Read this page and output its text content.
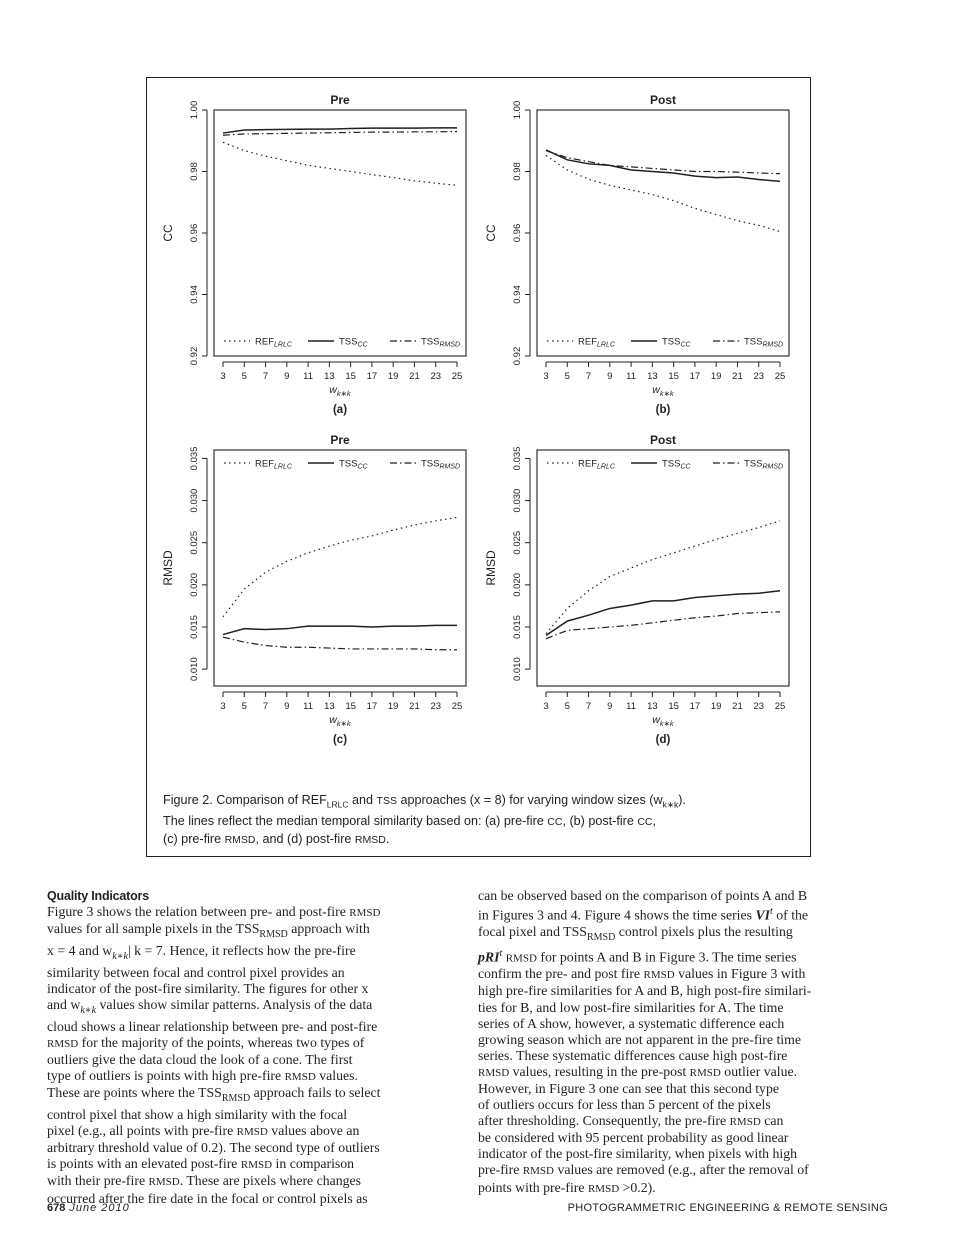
Pre
3 5 7 9 11 13 15 17 19 21 23 25
$w_{k∗k}$
(a)
0.92
0.94
0.96
0.98
1.00
CC
$REF_{LRLC}$	$TSS_{CC}$	$TSS_{RMSD}$
Post
3 5 7 9 11 13 15 17 19 21 23 25
$w_{k∗k}$
(b)
0.92
0.94
0.96
0.98
1.00
CC
$REF_{LRLC}$	$TSS_{CC}$	$TSS_{RMSD}$
Pre
3 5 7 9 11 13 15 17 19 21 23 25
$w_{k∗k}$
(c)
0.010
0.015
0.020
0.025
0.030
0.035
RMSD
$REF_{LRLC}$	$TSS_{CC}$	$TSS_{RMSD}$
Post
3 5 7 9 11 13 15 17 19 21 23 25
$w_{k∗k}$
(d)
0.010
0.015
0.020
0.025
0.030
0.035
RMSD
$REF_{LRLC}$	$TSS_{CC}$	$TSS_{RMSD}$
Figure 2. Comparison of $REF_{LRLC}$ and TSS approaches (x = 8) for varying window sizes $(w_{k∗k})$.
The lines reflect the median temporal similarity based on: (a) pre-fire CC, (b) post-fire CC,
(c) pre-fire RMSD, and (d) post-fire RMSD.
Quality Indicators
Figure 3 shows the relation between pre- and post-fire RMSD
values for all sample pixels in the $TSS_{RMSD}$ approach with
x = 4 and $w_{k∗k}|$ k = 7. Hence, it reflects how the pre-fire
similarity between focal and control pixel provides an
indicator of the post-fire similarity. The figures for other x
and $w_{k∗k}$ values show similar patterns. Analysis of the data
cloud shows a linear relationship between pre- and post-fire
RMSD for the majority of the points, whereas two types of
outliers give the data cloud the look of a cone. The first
type of outliers is points with high pre-fire RMSD values.
These are points where the $TSS_{RMSD}$ approach fails to select
control pixel that show a high similarity with the focal
pixel (e.g., all points with pre-fire RMSD values above an
arbitrary threshold value of 0.2). The second type of outliers
is points with an elevated post-fire RMSD in comparison
with their pre-fire RMSD. These are pixels where changes
occurred after the fire date in the focal or control pixels as
can be observed based on the comparison of points A and B
in Figures 3 and 4. Figure 4 shows the time series $VI^t$ of the
focal pixel and $TSS_{RMSD}$ control pixels plus the resulting
pRI$^t$ RMSD for points A and B in Figure 3. The time series
confirm the pre- and post fire RMSD values in Figure 3 with
high pre-fire similarities for A and B, high post-fire similari-
ties for B, and low post-fire similarities for A. The time
series of A show, however, a systematic difference each
growing season which are not apparent in the pre-fire time
series. These systematic differences cause high post-fire
RMSD values, resulting in the pre-post RMSD outlier value.
However, in Figure 3 one can see that this second type
of outliers occurs for less than 5 percent of the pixels
after thresholding. Consequently, the pre-fire RMSD can
be considered with 95 percent probability as good linear
indicator of the post-fire similarity, when pixels with high
pre-fire RMSD values are removed (e.g., after the removal of
points with pre-fire RMSD >0.2).
678 June 2010	PHOTOGRAMMETRIC ENGINEERING & REMOTE SENSING
